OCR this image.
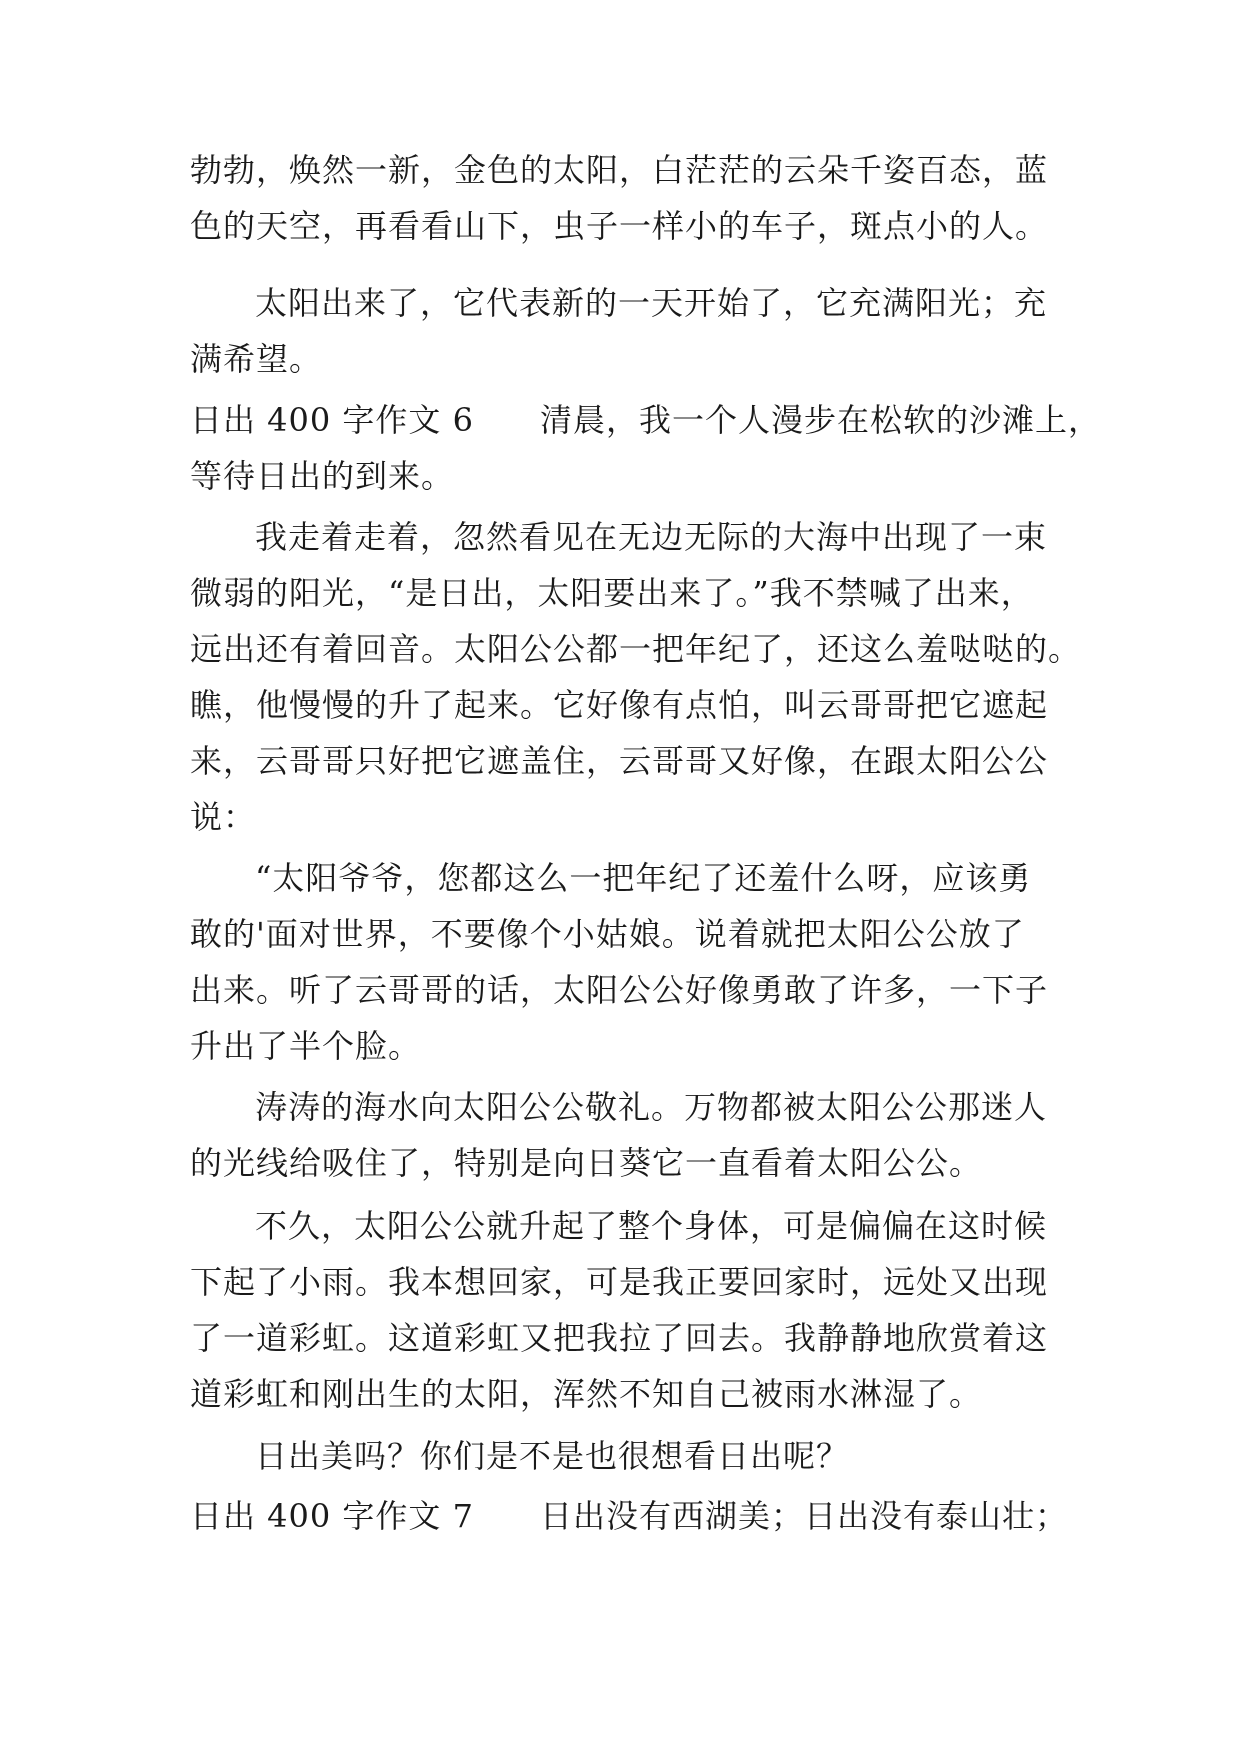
勃勃，焕然一新，金色的太阳，白茫茫的云朵千姿百态，蓝
色的天空，再看看山下，虫子一样小的车子，斑点小的人。
太阳出来了，它代表新的一天开始了，它充满阳光；充
满希望。
日出 400 字作文 6　　清晨，我一个人漫步在松软的沙滩上，
等待日出的到来。
我走着走着，忽然看见在无边无际的大海中出现了一束
微弱的阳光，“是日出，太阳要出来了。”我不禁喊了出来，
远出还有着回音。太阳公公都一把年纪了，还这么羞哒哒的。
瞧，他慢慢的升了起来。它好像有点怕，叫云哥哥把它遮起
来，云哥哥只好把它遮盖住，云哥哥又好像，在跟太阳公公
说：
“太阳爷爷，您都这么一把年纪了还羞什么呀，应该勇
敢的'面对世界，不要像个小姑娘。说着就把太阳公公放了
出来。听了云哥哥的话，太阳公公好像勇敢了许多，一下子
升出了半个脸。
涛涛的海水向太阳公公敬礼。万物都被太阳公公那迷人
的光线给吸住了，特别是向日葵它一直看着太阳公公。
不久，太阳公公就升起了整个身体，可是偏偏在这时候
下起了小雨。我本想回家，可是我正要回家时，远处又出现
了一道彩虹。这道彩虹又把我拉了回去。我静静地欣赏着这
道彩虹和刚出生的太阳，浑然不知自己被雨水淋湿了。
日出美吗？你们是不是也很想看日出呢？
日出 400 字作文 7　　日出没有西湖美；日出没有泰山壮；
